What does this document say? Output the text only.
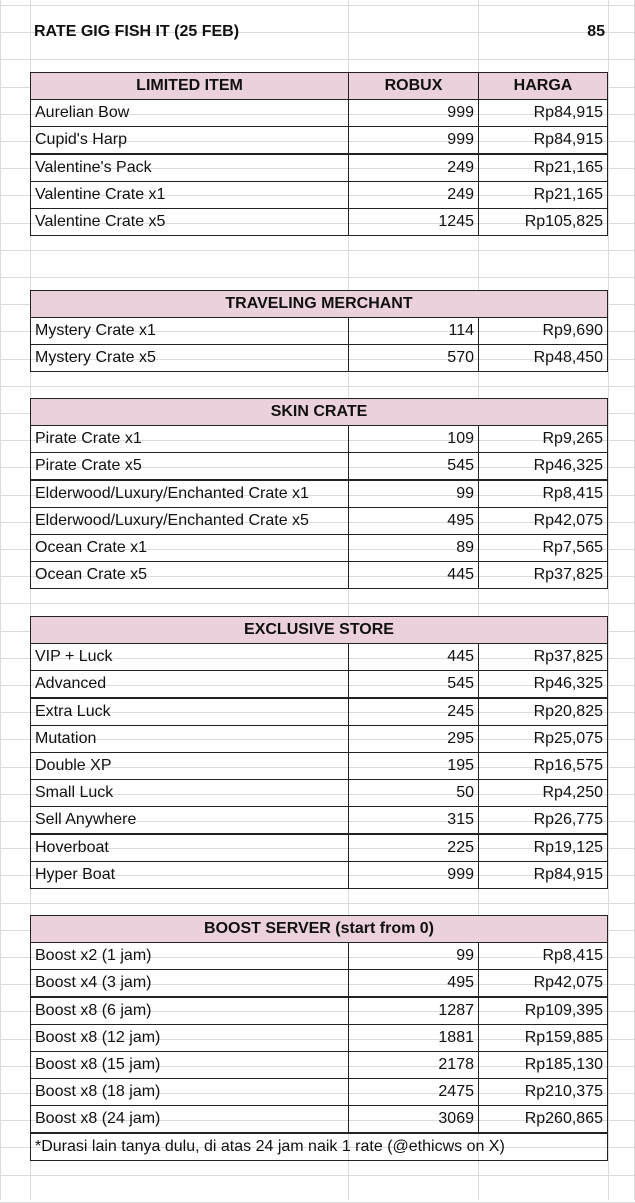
LIMITED ITEM	ROBUX	HARGA
Aurelian Bow	999	Rp84,915
Cupid's Harp	999	Rp84,915
Valentine's Pack	249	Rp21,165
Valentine Crate x1	249	Rp21,165
Valentine Crate x5	1245	Rp105,825
TRAVELING MERCHANT
Mystery Crate x1	114	Rp9,690
Mystery Crate x5	570	Rp48,450
SKIN CRATE
Pirate Crate x1	109	Rp9,265
Pirate Crate x5	545	Rp46,325
Elderwood/Luxury/Enchanted Crate x1	99	Rp8,415
Elderwood/Luxury/Enchanted Crate x5	495	Rp42,075
Ocean Crate x1	89	Rp7,565
Ocean Crate x5	445	Rp37,825
EXCLUSIVE STORE
VIP + Luck	445	Rp37,825
Advanced	545	Rp46,325
Extra Luck	245	Rp20,825
Mutation	295	Rp25,075
Double XP	195	Rp16,575
Small Luck	50	Rp4,250
Sell Anywhere	315	Rp26,775
Hoverboat	225	Rp19,125
Hyper Boat	999	Rp84,915
BOOST SERVER (start from 0)
Boost x2 (1 jam)	99	Rp8,415
Boost x4 (3 jam)	495	Rp42,075
Boost x8 (6 jam)	1287	Rp109,395
Boost x8 (12 jam)	1881	Rp159,885
Boost x8 (15 jam)	2178	Rp185,130
Boost x8 (18 jam)	2475	Rp210,375
Boost x8 (24 jam)	3069	Rp260,865
*Durasi lain tanya dulu, di atas 24 jam naik 1 rate (@ethicws on X)
RATE GIG FISH IT (25 FEB)	85
